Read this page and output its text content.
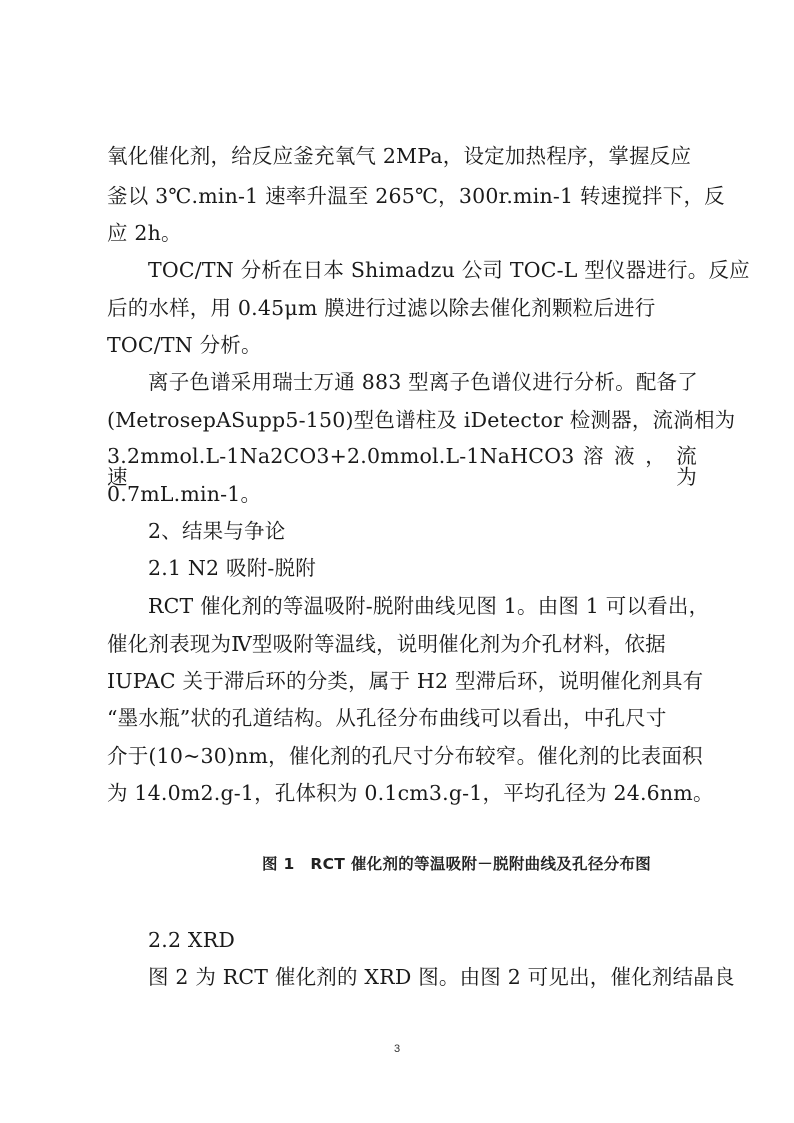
氧化催化剂，给反应釜充氧气 2MPa，设定加热程序，掌握反应
釜以 3℃.min-1 速率升温至 265℃，300r.min-1 转速搅拌下，反
应 2h。
TOC/TN 分析在日本 Shimadzu 公司 TOC-L 型仪器进行。反应
后的水样，用 0.45μm 膜进行过滤以除去催化剂颗粒后进行
TOC/TN 分析。
离子色谱采用瑞士万通 883 型离子色谱仪进行分析。配备了
(MetrosepASupp5-150)型色谱柱及 iDetector 检测器，流淌相为
3.2mmol.L-1Na2CO3+2.0mmol.L-1NaHCO3 溶 液 ， 流 速 为
0.7mL.min-1。
2、结果与争论
2.1 N2 吸附-脱附
RCT 催化剂的等温吸附-脱附曲线见图 1。由图 1 可以看出，
催化剂表现为Ⅳ型吸附等温线，说明催化剂为介孔材料，依据
IUPAC 关于滞后环的分类，属于 H2 型滞后环，说明催化剂具有
“墨水瓶”状的孔道结构。从孔径分布曲线可以看出，中孔尺寸
介于(10~30)nm，催化剂的孔尺寸分布较窄。催化剂的比表面积
为 14.0m2.g-1，孔体积为 0.1cm3.g-1，平均孔径为 24.6nm。
图 1　RCT 催化剂的等温吸附－脱附曲线及孔径分布图
2.2 XRD
图 2 为 RCT 催化剂的 XRD 图。由图 2 可见出，催化剂结晶良
3
